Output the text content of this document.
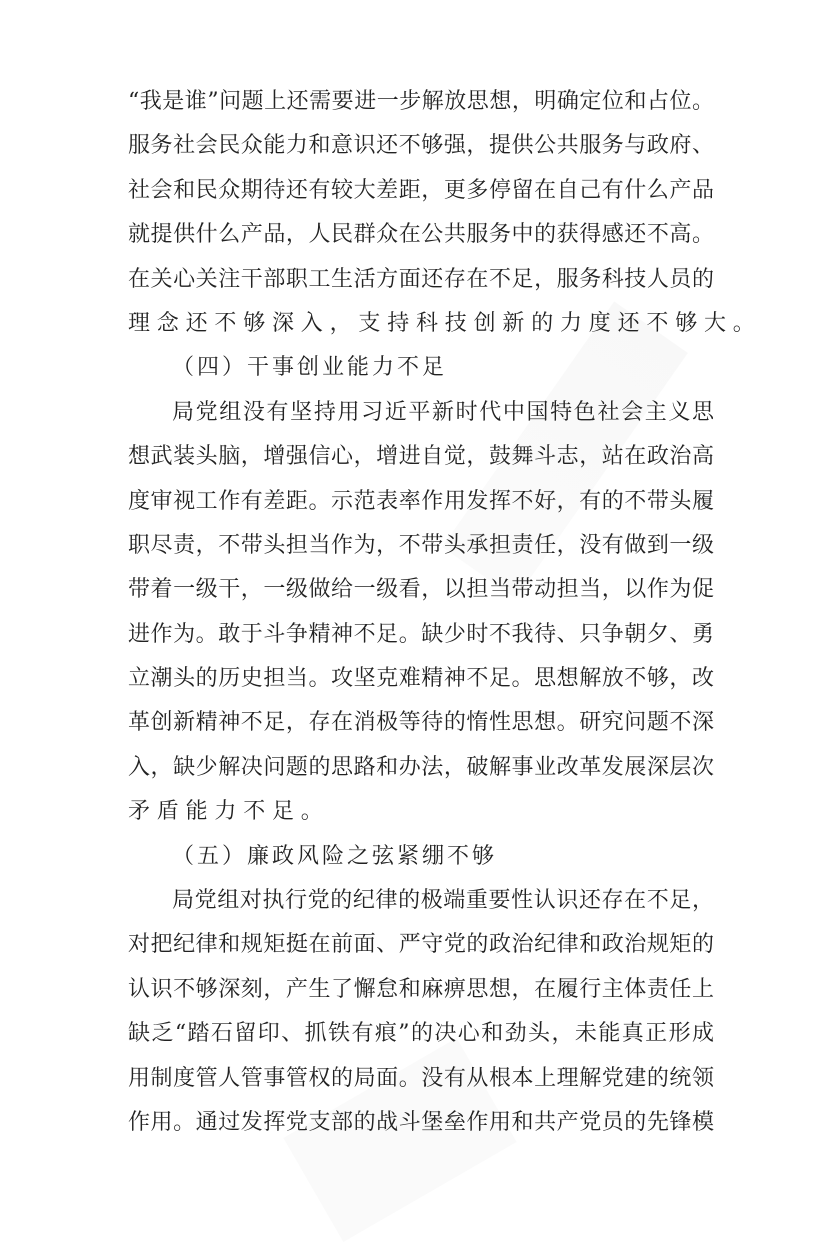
“我是谁”问题上还需要进一步解放思想，明确定位和占位。
服务社会民众能力和意识还不够强，提供公共服务与政府、
社会和民众期待还有较大差距，更多停留在自己有什么产品
就提供什么产品，人民群众在公共服务中的获得感还不高。
在关心关注干部职工生活方面还存在不足，服务科技人员的
理念还不够深入，支持科技创新的力度还不够大。
（四）干事创业能力不足
局党组没有坚持用习近平新时代中国特色社会主义思
想武装头脑，增强信心，增进自觉，鼓舞斗志，站在政治高
度审视工作有差距。示范表率作用发挥不好，有的不带头履
职尽责，不带头担当作为，不带头承担责任，没有做到一级
带着一级干，一级做给一级看，以担当带动担当，以作为促
进作为。敢于斗争精神不足。缺少时不我待、只争朝夕、勇
立潮头的历史担当。攻坚克难精神不足。思想解放不够，改
革创新精神不足，存在消极等待的惰性思想。研究问题不深
入，缺少解决问题的思路和办法，破解事业改革发展深层次
矛盾能力不足。
（五）廉政风险之弦紧绷不够
局党组对执行党的纪律的极端重要性认识还存在不足，
对把纪律和规矩挺在前面、严守党的政治纪律和政治规矩的
认识不够深刻，产生了懈怠和麻痹思想，在履行主体责任上
缺乏“踏石留印、抓铁有痕”的决心和劲头，未能真正形成
用制度管人管事管权的局面。没有从根本上理解党建的统领
作用。通过发挥党支部的战斗堡垒作用和共产党员的先锋模
